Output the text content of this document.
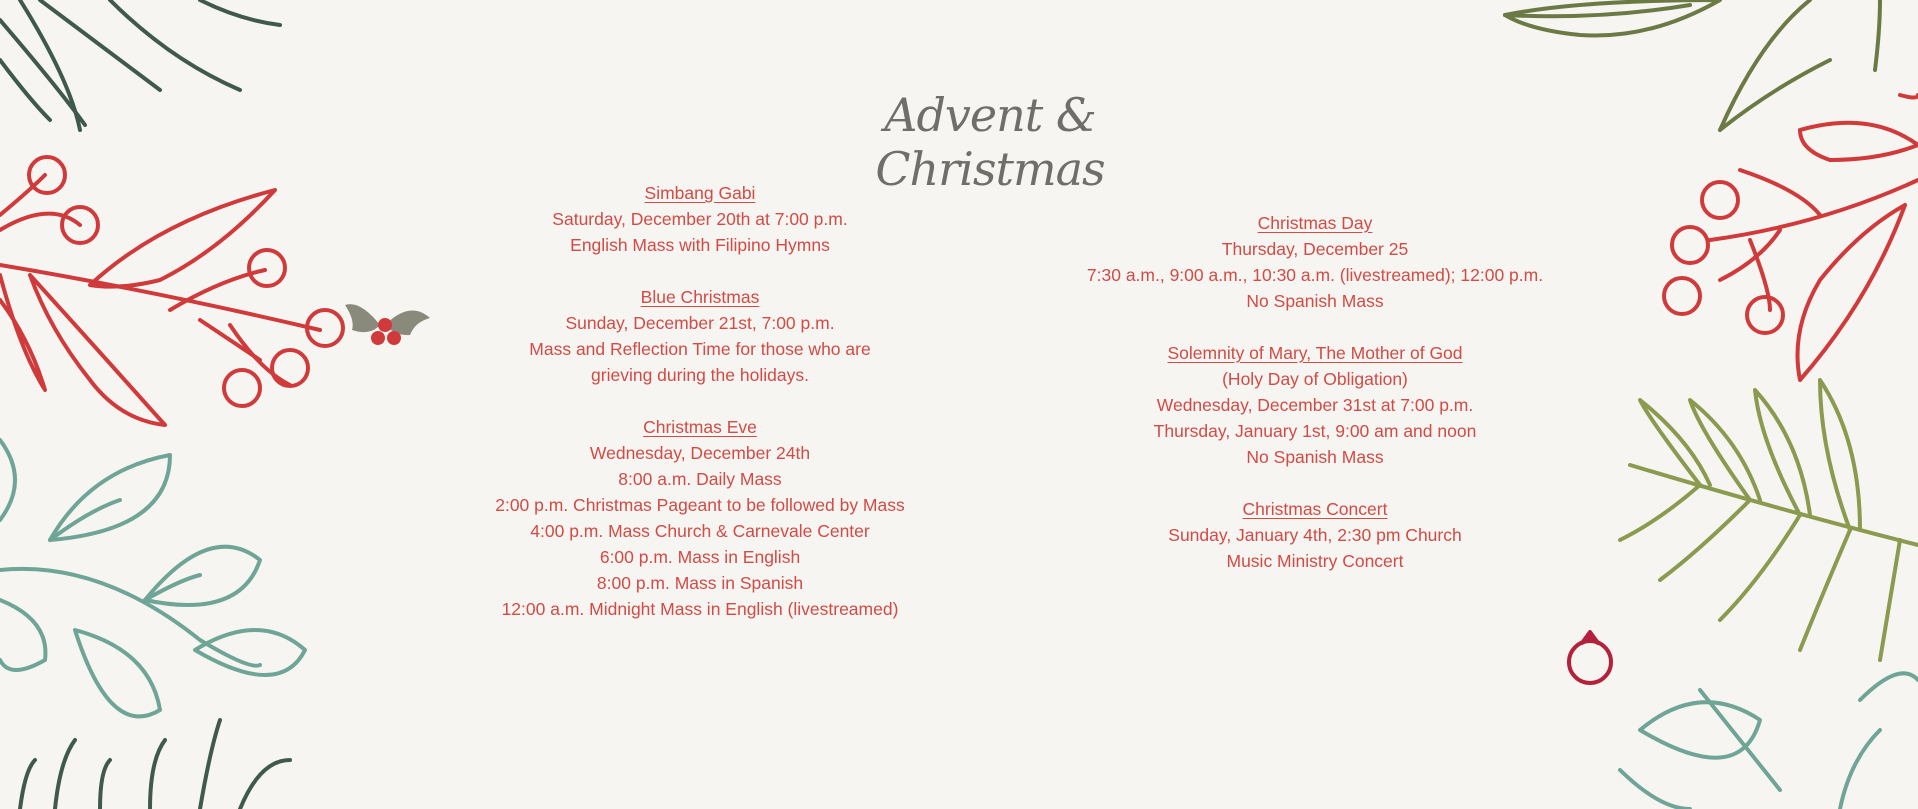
Advent & Christmas
Simbang Gabi
Saturday, December 20th at 7:00 p.m.
English Mass with Filipino Hymns
Blue Christmas
Sunday, December 21st, 7:00 p.m.
Mass and Reflection Time for those who are
grieving during the holidays.
Christmas Eve
Wednesday, December 24th
8:00 a.m. Daily Mass
2:00 p.m. Christmas Pageant to be followed by Mass
4:00 p.m. Mass Church & Carnevale Center
6:00 p.m. Mass in English
8:00 p.m. Mass in Spanish
12:00 a.m. Midnight Mass in English (livestreamed)
Christmas Day
Thursday, December 25
7:30 a.m., 9:00 a.m., 10:30 a.m. (livestreamed); 12:00 p.m.
No Spanish Mass
Solemnity of Mary, The Mother of God
(Holy Day of Obligation)
Wednesday, December 31st at 7:00 p.m.
Thursday, January 1st, 9:00 am and noon
No Spanish Mass
Christmas Concert
Sunday, January 4th, 2:30 pm Church
Music Ministry Concert
